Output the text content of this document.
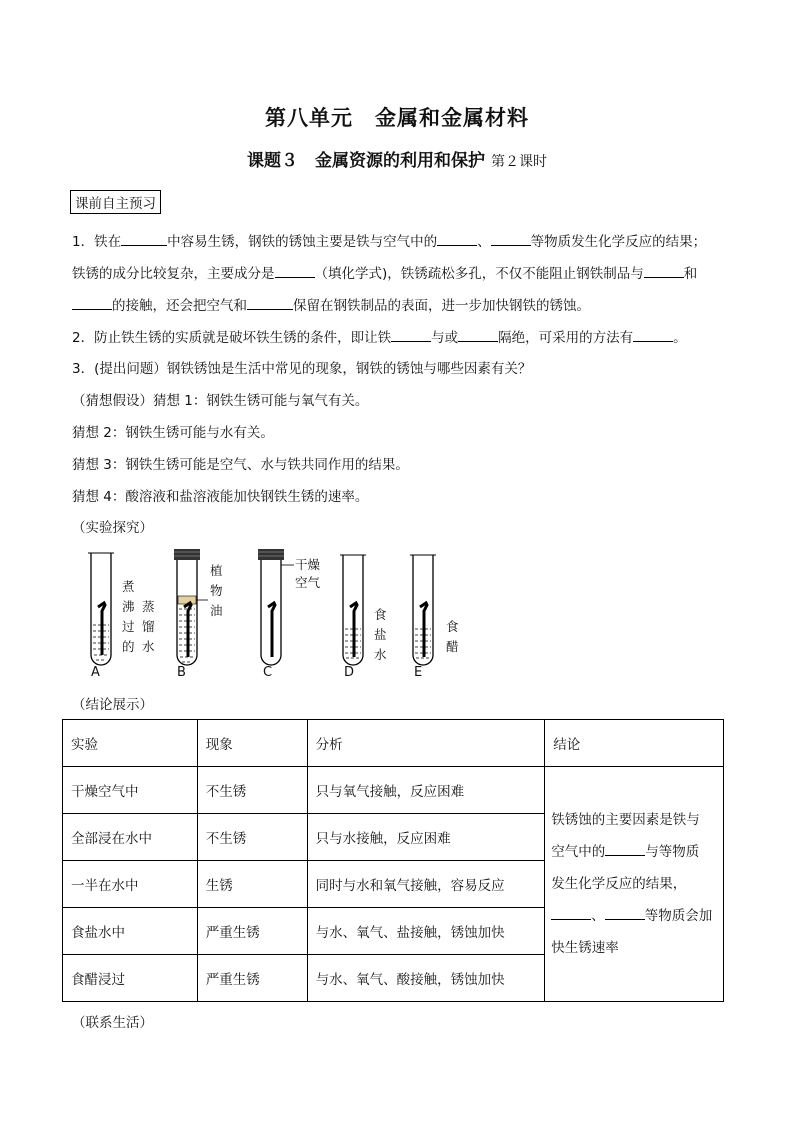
第八单元　金属和金属材料
课题３　金属资源的利用和保护 第２课时
课前自主预习
1．铁在	中容易生锈，钢铁的锈蚀主要是铁与空气中的	、	等物质发生化学反应的结果；
铁锈的成分比较复杂，主要成分是	（填化学式)，铁锈疏松多孔，不仅不能阻止钢铁制品与	和
的接触，还会把空气和	保留在钢铁制品的表面，进一步加快钢铁的锈蚀。
2．防止铁生锈的实质就是破坏铁生锈的条件，即让铁	与或	隔绝，可采用的方法有	。
3．(提出问题）钢铁锈蚀是生活中常见的现象，钢铁的锈蚀与哪些因素有关？
（猜想假设）猜想 1：钢铁生锈可能与氧气有关。
猜想 2：钢铁生锈可能与水有关。
猜想 3：钢铁生锈可能是空气、水与铁共同作用的结果。
猜想 4：酸溶液和盐溶液能加快钢铁生锈的速率。
（实验探究）
煮
沸
过
的
蒸
馏
水
植
物
油
干燥
空气
食
盐
水
食
醋
A	B	C	D	E
（结论展示）
实验	现象	分析	结论
干燥空气中	不生锈	只与氧气接触，反应困难	铁锈蚀的主要因素是铁与
空气中的 与等物质
发生化学反应的结果，
、 等物质会加
快生锈速率
全部浸在水中	不生锈	只与水接触，反应困难	
一半在水中	生锈	同时与水和氧气接触，容易反应	
食盐水中	严重生锈	与水、氧气、盐接触，锈蚀加快	
食醋浸过	严重生锈	与水、氧气、酸接触，锈蚀加快	
（联系生活）
